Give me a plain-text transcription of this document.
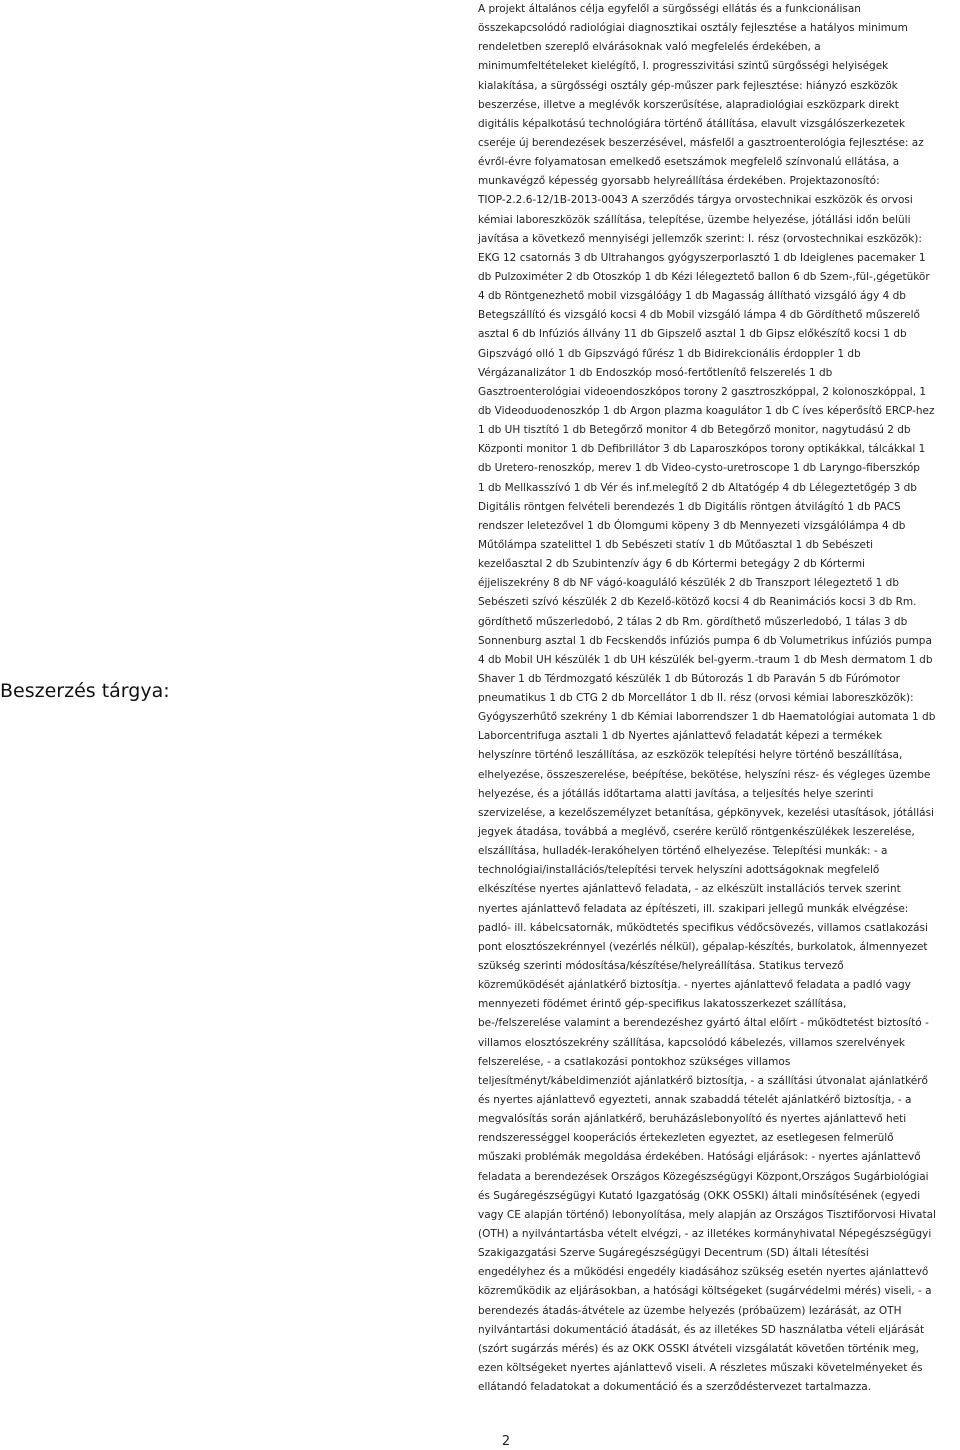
Beszerzés tárgya:
A projekt általános célja egyfelől a sürgősségi ellátás és a funkcionálisan
összekapcsolódó radiológiai diagnosztikai osztály fejlesztése a hatályos minimum
rendeletben szereplő elvárásoknak való megfelelés érdekében, a
minimumfeltételeket kielégítő, I. progresszivitási szintű sürgősségi helyiségek
kialakítása, a sürgősségi osztály gép-műszer park fejlesztése: hiányzó eszközök
beszerzése, illetve a meglévők korszerűsítése, alapradiológiai eszközpark direkt
digitális képalkotású technológiára történő átállítása, elavult vizsgálószerkezetek
cseréje új berendezések beszerzésével, másfelől a gasztroenterológia fejlesztése: az
évről-évre folyamatosan emelkedő esetszámok megfelelő színvonalú ellátása, a
munkavégző képesség gyorsabb helyreállítása érdekében. Projektazonosító:
TIOP-2.2.6-12/1B-2013-0043 A szerződés tárgya orvostechnikai eszközök és orvosi
kémiai laboreszközök szállítása, telepítése, üzembe helyezése, jótállási időn belüli
javítása a következő mennyiségi jellemzők szerint: I. rész (orvostechnikai eszközök):
EKG 12 csatornás 3 db Ultrahangos gyógyszerporlasztó 1 db Ideiglenes pacemaker 1
db Pulzoximéter 2 db Otoszkóp 1 db Kézi lélegeztető ballon 6 db Szem-,fül-,gégetükör
4 db Röntgenezhető mobil vizsgálóágy 1 db Magasság állítható vizsgáló ágy 4 db
Betegszállító és vizsgáló kocsi 4 db Mobil vizsgáló lámpa 4 db Gördíthető műszerelő
asztal 6 db Infúziós állvány 11 db Gipszelő asztal 1 db Gipsz előkészítő kocsi 1 db
Gipszvágó olló 1 db Gipszvágó fűrész 1 db Bidirekcionális érdoppler 1 db
Vérgázanalizátor 1 db Endoszkóp mosó-fertőtlenítő felszerelés 1 db
Gasztroenterológiai videoendoszkópos torony 2 gasztroszkóppal, 2 kolonoszkóppal, 1
db Videoduodenoszkóp 1 db Argon plazma koagulátor 1 db C íves képerősítő ERCP-hez
1 db UH tisztító 1 db Betegőrző monitor 4 db Betegőrző monitor, nagytudású 2 db
Központi monitor 1 db Defibrillátor 3 db Laparoszkópos torony optikákkal, tálcákkal 1
db Uretero-renoszkóp, merev 1 db Video-cysto-uretroscope 1 db Laryngo-fiberszkóp
1 db Mellkasszívó 1 db Vér és inf.melegítő 2 db Altatógép 4 db Lélegeztetőgép 3 db
Digitális röntgen felvételi berendezés 1 db Digitális röntgen átvilágító 1 db PACS
rendszer leletezővel 1 db Ólomgumi köpeny 3 db Mennyezeti vizsgálólámpa 4 db
Műtőlámpa szatelittel 1 db Sebészeti statív 1 db Műtőasztal 1 db Sebészeti
kezelőasztal 2 db Szubintenzív ágy 6 db Kórtermi betegágy 2 db Kórtermi
éjjeliszekrény 8 db NF vágó-koaguláló készülék 2 db Transzport lélegeztető 1 db
Sebészeti szívó készülék 2 db Kezelő-kötöző kocsi 4 db Reanimációs kocsi 3 db Rm.
gördíthető műszerledobó, 2 tálas 2 db Rm. gördíthető műszerledobó, 1 tálas 3 db
Sonnenburg asztal 1 db Fecskendős infúziós pumpa 6 db Volumetrikus infúziós pumpa
4 db Mobil UH készülék 1 db UH készülék bel-gyerm.-traum 1 db Mesh dermatom 1 db
Shaver 1 db Térdmozgató készülék 1 db Bútorozás 1 db Paraván 5 db Fúrómotor
pneumatikus 1 db CTG 2 db Morcellátor 1 db II. rész (orvosi kémiai laboreszközök):
Gyógyszerhűtő szekrény 1 db Kémiai laborrendszer 1 db Haematológiai automata 1 db
Laborcentrifuga asztali 1 db Nyertes ajánlattevő feladatát képezi a termékek
helyszínre történő leszállítása, az eszközök telepítési helyre történő beszállítása,
elhelyezése, összeszerelése, beépítése, bekötése, helyszíni rész- és végleges üzembe
helyezése, és a jótállás időtartama alatti javítása, a teljesítés helye szerinti
szervizelése, a kezelőszemélyzet betanítása, gépkönyvek, kezelési utasítások, jótállási
jegyek átadása, továbbá a meglévő, cserére kerülő röntgenkészülékek leszerelése,
elszállítása, hulladék-lerakóhelyen történő elhelyezése. Telepítési munkák: - a
technológiai/installációs/telepítési tervek helyszíni adottságoknak megfelelő
elkészítése nyertes ajánlattevő feladata, - az elkészült installációs tervek szerint
nyertes ajánlattevő feladata az építészeti, ill. szakipari jellegű munkák elvégzése:
padló- ill. kábelcsatornák, működtetés specifikus védőcsövezés, villamos csatlakozási
pont elosztószekrénnyel (vezérlés nélkül), gépalap-készítés, burkolatok, álmennyezet
szükség szerinti módosítása/készítése/helyreállítása. Statikus tervező
közreműködését ajánlatkérő biztosítja. - nyertes ajánlattevő feladata a padló vagy
mennyezeti födémet érintő gép-specifikus lakatosszerkezet szállítása,
be-/felszerelése valamint a berendezéshez gyártó által előírt - működtetést biztosító -
villamos elosztószekrény szállítása, kapcsolódó kábelezés, villamos szerelvények
felszerelése, - a csatlakozási pontokhoz szükséges villamos
teljesítményt/kábeldimenziót ajánlatkérő biztosítja, - a szállítási útvonalat ajánlatkérő
és nyertes ajánlattevő egyezteti, annak szabaddá tételét ajánlatkérő biztosítja, - a
megvalósítás során ajánlatkérő, beruházáslebonyolító és nyertes ajánlattevő heti
rendszerességgel kooperációs értekezleten egyeztet, az esetlegesen felmerülő
műszaki problémák megoldása érdekében. Hatósági eljárások: - nyertes ajánlattevő
feladata a berendezések Országos Közegészségügyi Központ,Országos Sugárbiológiai
és Sugáregészségügyi Kutató Igazgatóság (OKK OSSKI) általi minősítésének (egyedi
vagy CE alapján történő) lebonyolítása, mely alapján az Országos Tisztifőorvosi Hivatal
(OTH) a nyilvántartásba vételt elvégzi, - az illetékes kormányhivatal Népegészségügyi
Szakigazgatási Szerve Sugáregészségügyi Decentrum (SD) általi létesítési
engedélyhez és a működési engedély kiadásához szükség esetén nyertes ajánlattevő
közreműködik az eljárásokban, a hatósági költségeket (sugárvédelmi mérés) viseli, - a
berendezés átadás-átvétele az üzembe helyezés (próbaüzem) lezárását, az OTH
nyilvántartási dokumentáció átadását, és az illetékes SD használatba vételi eljárását
(szórt sugárzás mérés) és az OKK OSSKI átvételi vizsgálatát követően történik meg,
ezen költségeket nyertes ajánlattevő viseli. A részletes műszaki követelményeket és
ellátandó feladatokat a dokumentáció és a szerződéstervezet tartalmazza.
2
